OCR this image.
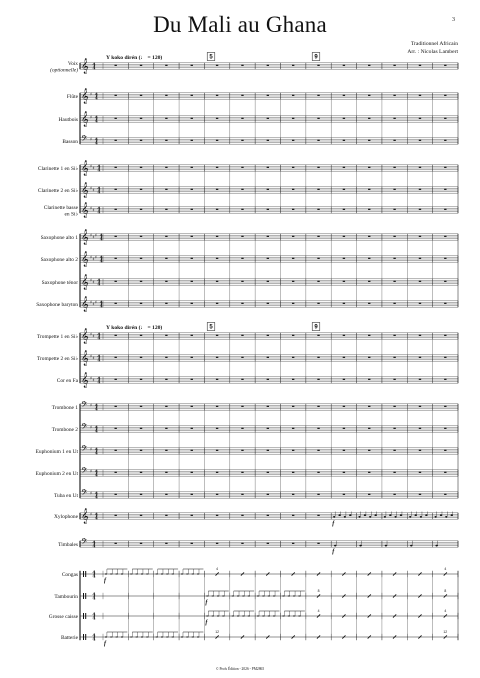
Du Mali au Ghana	3
Traditionnel Africain
Arr. : Nicolas Lambert
Voix
(optionnelle) 𝄞 4
4
Flûte 𝄞 ♯ 4
4
Hautbois 𝄞 ♯ 4
4
Basson 𝄢 ♯ 4
4
Clarinette 1 en Si♭ 𝄞 ♯ ♯ 4
4
Clarinette 2 en Si♭ 𝄞 ♯ ♯ 4
4
Clarinette basse
en Si♭ 𝄞 ♯ ♯ 4
4
Saxophone alto 1 𝄞 ♯ ♯ ♯ 4
4
Saxophone alto 2 𝄞 ♯ ♯ ♯ 4
4
Saxophone ténor 𝄞 ♯ ♯ 4
4
Saxophone baryton 𝄞 ♯ ♯ ♯ 4
4
Trompette 1 en Si♭ 𝄞 ♯ ♯ 4
4
Trompette 2 en Si♭ 𝄞 ♯ ♯ 4
4
Cor en Fa 𝄞 ♯ ♯ 4
4
Trombone 1 𝄢 ♯ 4
4
Trombone 2 𝄢 ♯ 4
4
Euphonium 1 en Ut 𝄢 ♯ 4
4
Euphonium 2 en Ut 𝄢 ♯ 4
4
Tuba en Ut 𝄢 ♯ 4
4
Xylophone 𝄞 ♯ 4
4
Timbales 𝄢 4
4
Congas	4
4
Tambourin	4
4
Grosse caisse	4
4
Batterie	4
4
Y koko dirén (♩ = 120)	5	9
Y koko dirén (♩ = 120)	5	9
f
f
4	4
f
8	8
f
4	4
f
12	12
f
© Profs Édition - 2026 - PM2865
